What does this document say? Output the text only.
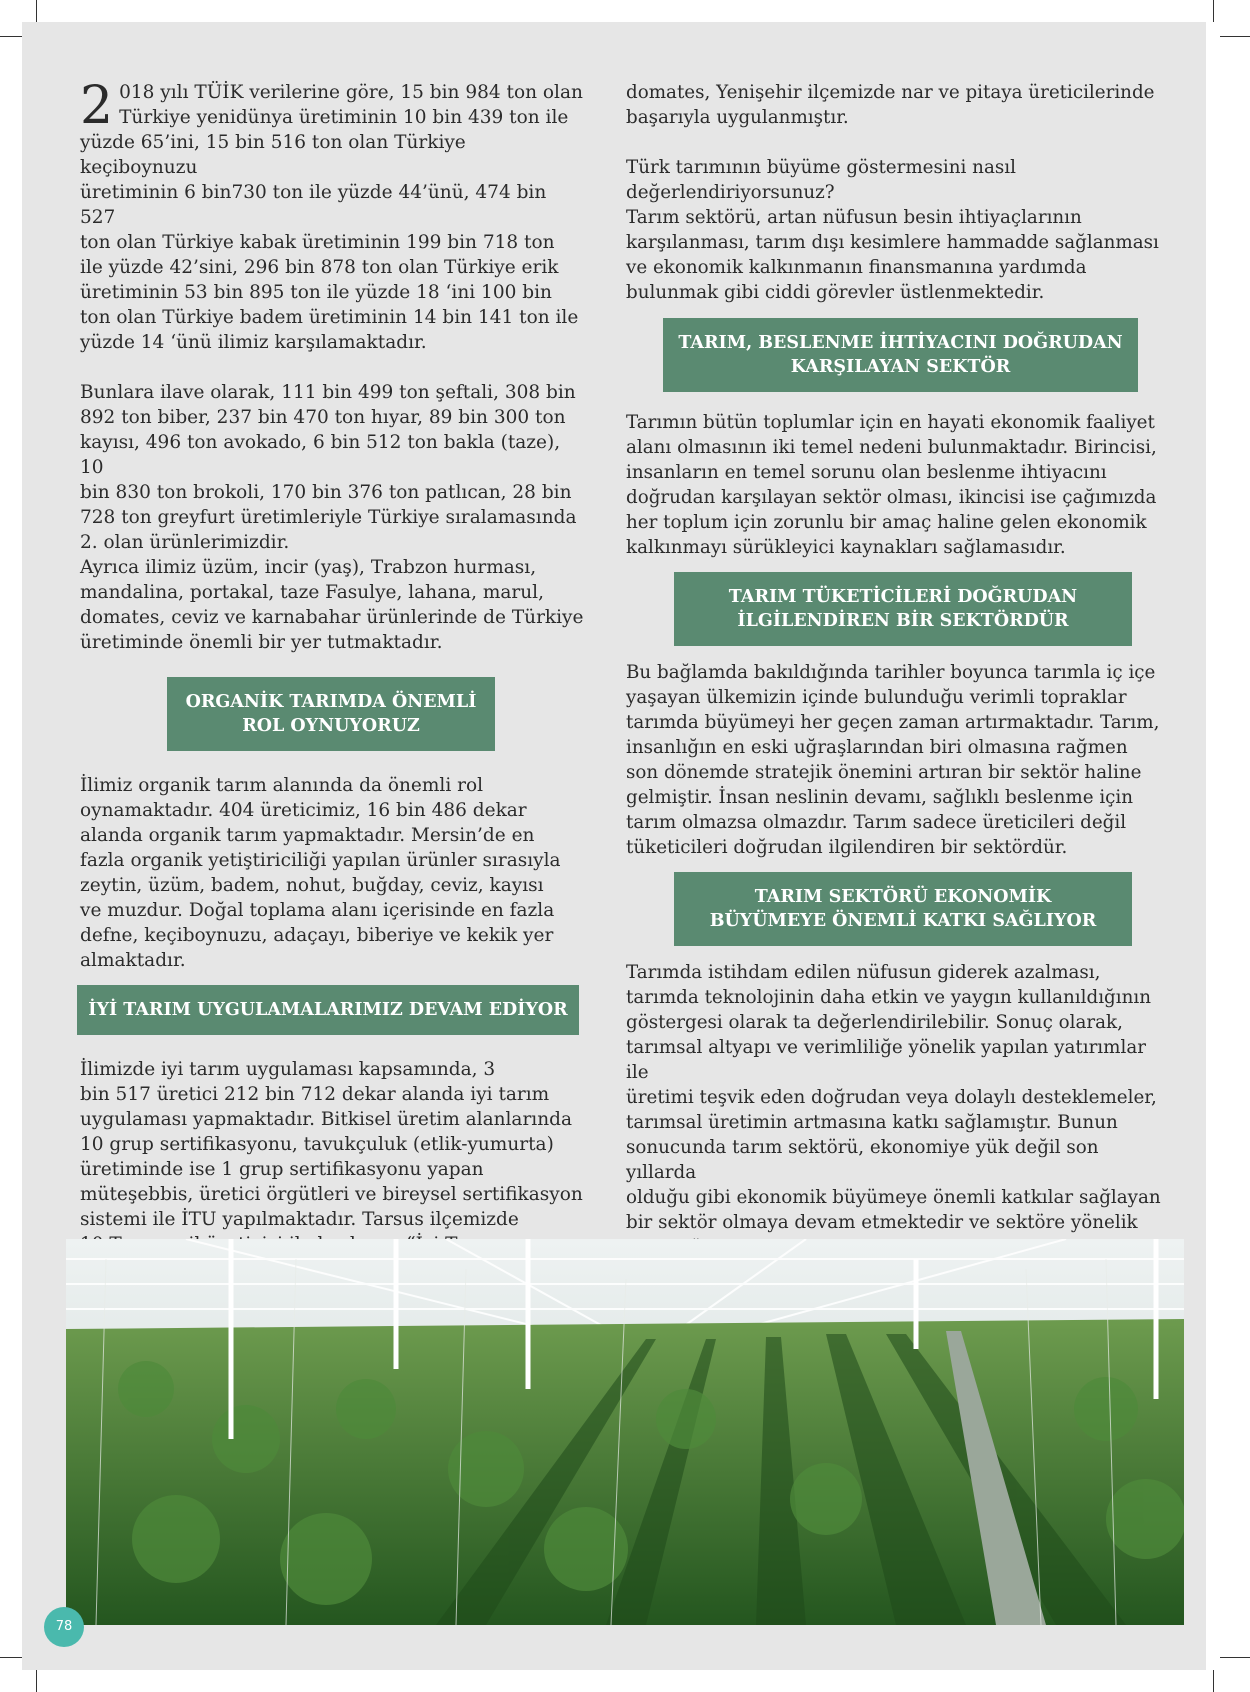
2 018 yılı TÜİK verilerine göre, 15 bin 984 ton olan
Türkiye yenidünya üretiminin 10 bin 439 ton ile
yüzde 65’ini, 15 bin 516 ton olan Türkiye keçiboynuzu
üretiminin 6 bin730 ton ile yüzde 44’ünü, 474 bin 527
ton olan Türkiye kabak üretiminin 199 bin 718 ton
ile yüzde 42’sini, 296 bin 878 ton olan Türkiye erik
üretiminin 53 bin 895 ton ile yüzde 18 ‘ini 100 bin
ton olan Türkiye badem üretiminin 14 bin 141 ton ile
yüzde 14 ‘ünü ilimiz karşılamaktadır.

Bunlara ilave olarak, 111 bin 499 ton şeftali, 308 bin
892 ton biber, 237 bin 470 ton hıyar, 89 bin 300 ton
kayısı, 496 ton avokado, 6 bin 512 ton bakla (taze), 10
bin 830 ton brokoli, 170 bin 376 ton patlıcan, 28 bin
728 ton greyfurt üretimleriyle Türkiye sıralamasında
2. olan ürünlerimizdir.
Ayrıca ilimiz üzüm, incir (yaş), Trabzon hurması,
mandalina, portakal, taze Fasulye, lahana, marul,
domates, ceviz ve karnabahar ürünlerinde de Türkiye
üretiminde önemli bir yer tutmaktadır.

ORGANİK TARIMDA ÖNEMLİ
ROL OYNUYORUZ

İlimiz organik tarım alanında da önemli rol
oynamaktadır. 404 üreticimiz, 16 bin 486 dekar
alanda organik tarım yapmaktadır. Mersin’de en
fazla organik yetiştiriciliği yapılan ürünler sırasıyla
zeytin, üzüm, badem, nohut, buğday, ceviz, kayısı
ve muzdur. Doğal toplama alanı içerisinde en fazla
defne, keçiboynuzu, adaçayı, biberiye ve kekik yer
almaktadır.

İYİ TARIM UYGULAMALARIMIZ DEVAM EDİYOR

İlimizde iyi tarım uygulaması kapsamında, 3
bin 517 üretici 212 bin 712 dekar alanda iyi tarım
uygulaması yapmaktadır. Bitkisel üretim alanlarında
10 grup sertifikasyonu, tavukçuluk (etlik-yumurta)
üretiminde ise 1 grup sertifikasyonu yapan
müteşebbis, üretici örgütleri ve bireysel sertifikasyon
sistemi ile İTU yapılmaktadır. Tarsus ilçemizde

domates, Yenişehir ilçemizde nar ve pitaya üreticilerinde
başarıyla uygulanmıştır.

Türk tarımının büyüme göstermesini nasıl
değerlendiriyorsunuz?
Tarım sektörü, artan nüfusun besin ihtiyaçlarının
karşılanması, tarım dışı kesimlere hammadde sağlanması
ve ekonomik kalkınmanın finansmanına yardımda
bulunmak gibi ciddi görevler üstlenmektedir.

TARIM, BESLENME İHTİYACINI DOĞRUDAN
KARŞILAYAN SEKTÖR

Tarımın bütün toplumlar için en hayati ekonomik faaliyet
alanı olmasının iki temel nedeni bulunmaktadır. Birincisi,
insanların en temel sorunu olan beslenme ihtiyacını
doğrudan karşılayan sektör olması, ikincisi ise çağımızda
her toplum için zorunlu bir amaç haline gelen ekonomik
kalkınmayı sürükleyici kaynakları sağlamasıdır.

TARIM TÜKETİCİLERİ DOĞRUDAN
İLGİLENDİREN BİR SEKTÖRDÜR

Bu bağlamda bakıldığında tarihler boyunca tarımla iç içe
yaşayan ülkemizin içinde bulunduğu verimli topraklar
tarımda büyümeyi her geçen zaman artırmaktadır. Tarım,
insanlığın en eski uğraşlarından biri olmasına rağmen
son dönemde stratejik önemini artıran bir sektör haline
gelmiştir. İnsan neslinin devamı, sağlıklı beslenme için
tarım olmazsa olmazdır. Tarım sadece üreticileri değil
tüketicileri doğrudan ilgilendiren bir sektördür.

TARIM SEKTÖRÜ EKONOMİK
BÜYÜMEYE ÖNEMLİ KATKI SAĞLIYOR

Tarımda istihdam edilen nüfusun giderek azalması,
tarımda teknolojinin daha etkin ve yaygın kullanıldığının
göstergesi olarak ta değerlendirilebilir. Sonuç olarak,
tarımsal altyapı ve verimliliğe yönelik yapılan yatırımlar ile
üretimi teşvik eden doğrudan veya dolaylı desteklemeler,
tarımsal üretimin artmasına katkı sağlamıştır. Bunun
sonucunda tarım sektörü, ekonomiye yük değil son yıllarda
olduğu gibi ekonomik büyümeye önemli katkılar sağlayan
bir sektör olmaya devam etmektedir ve sektöre yönelik

78
